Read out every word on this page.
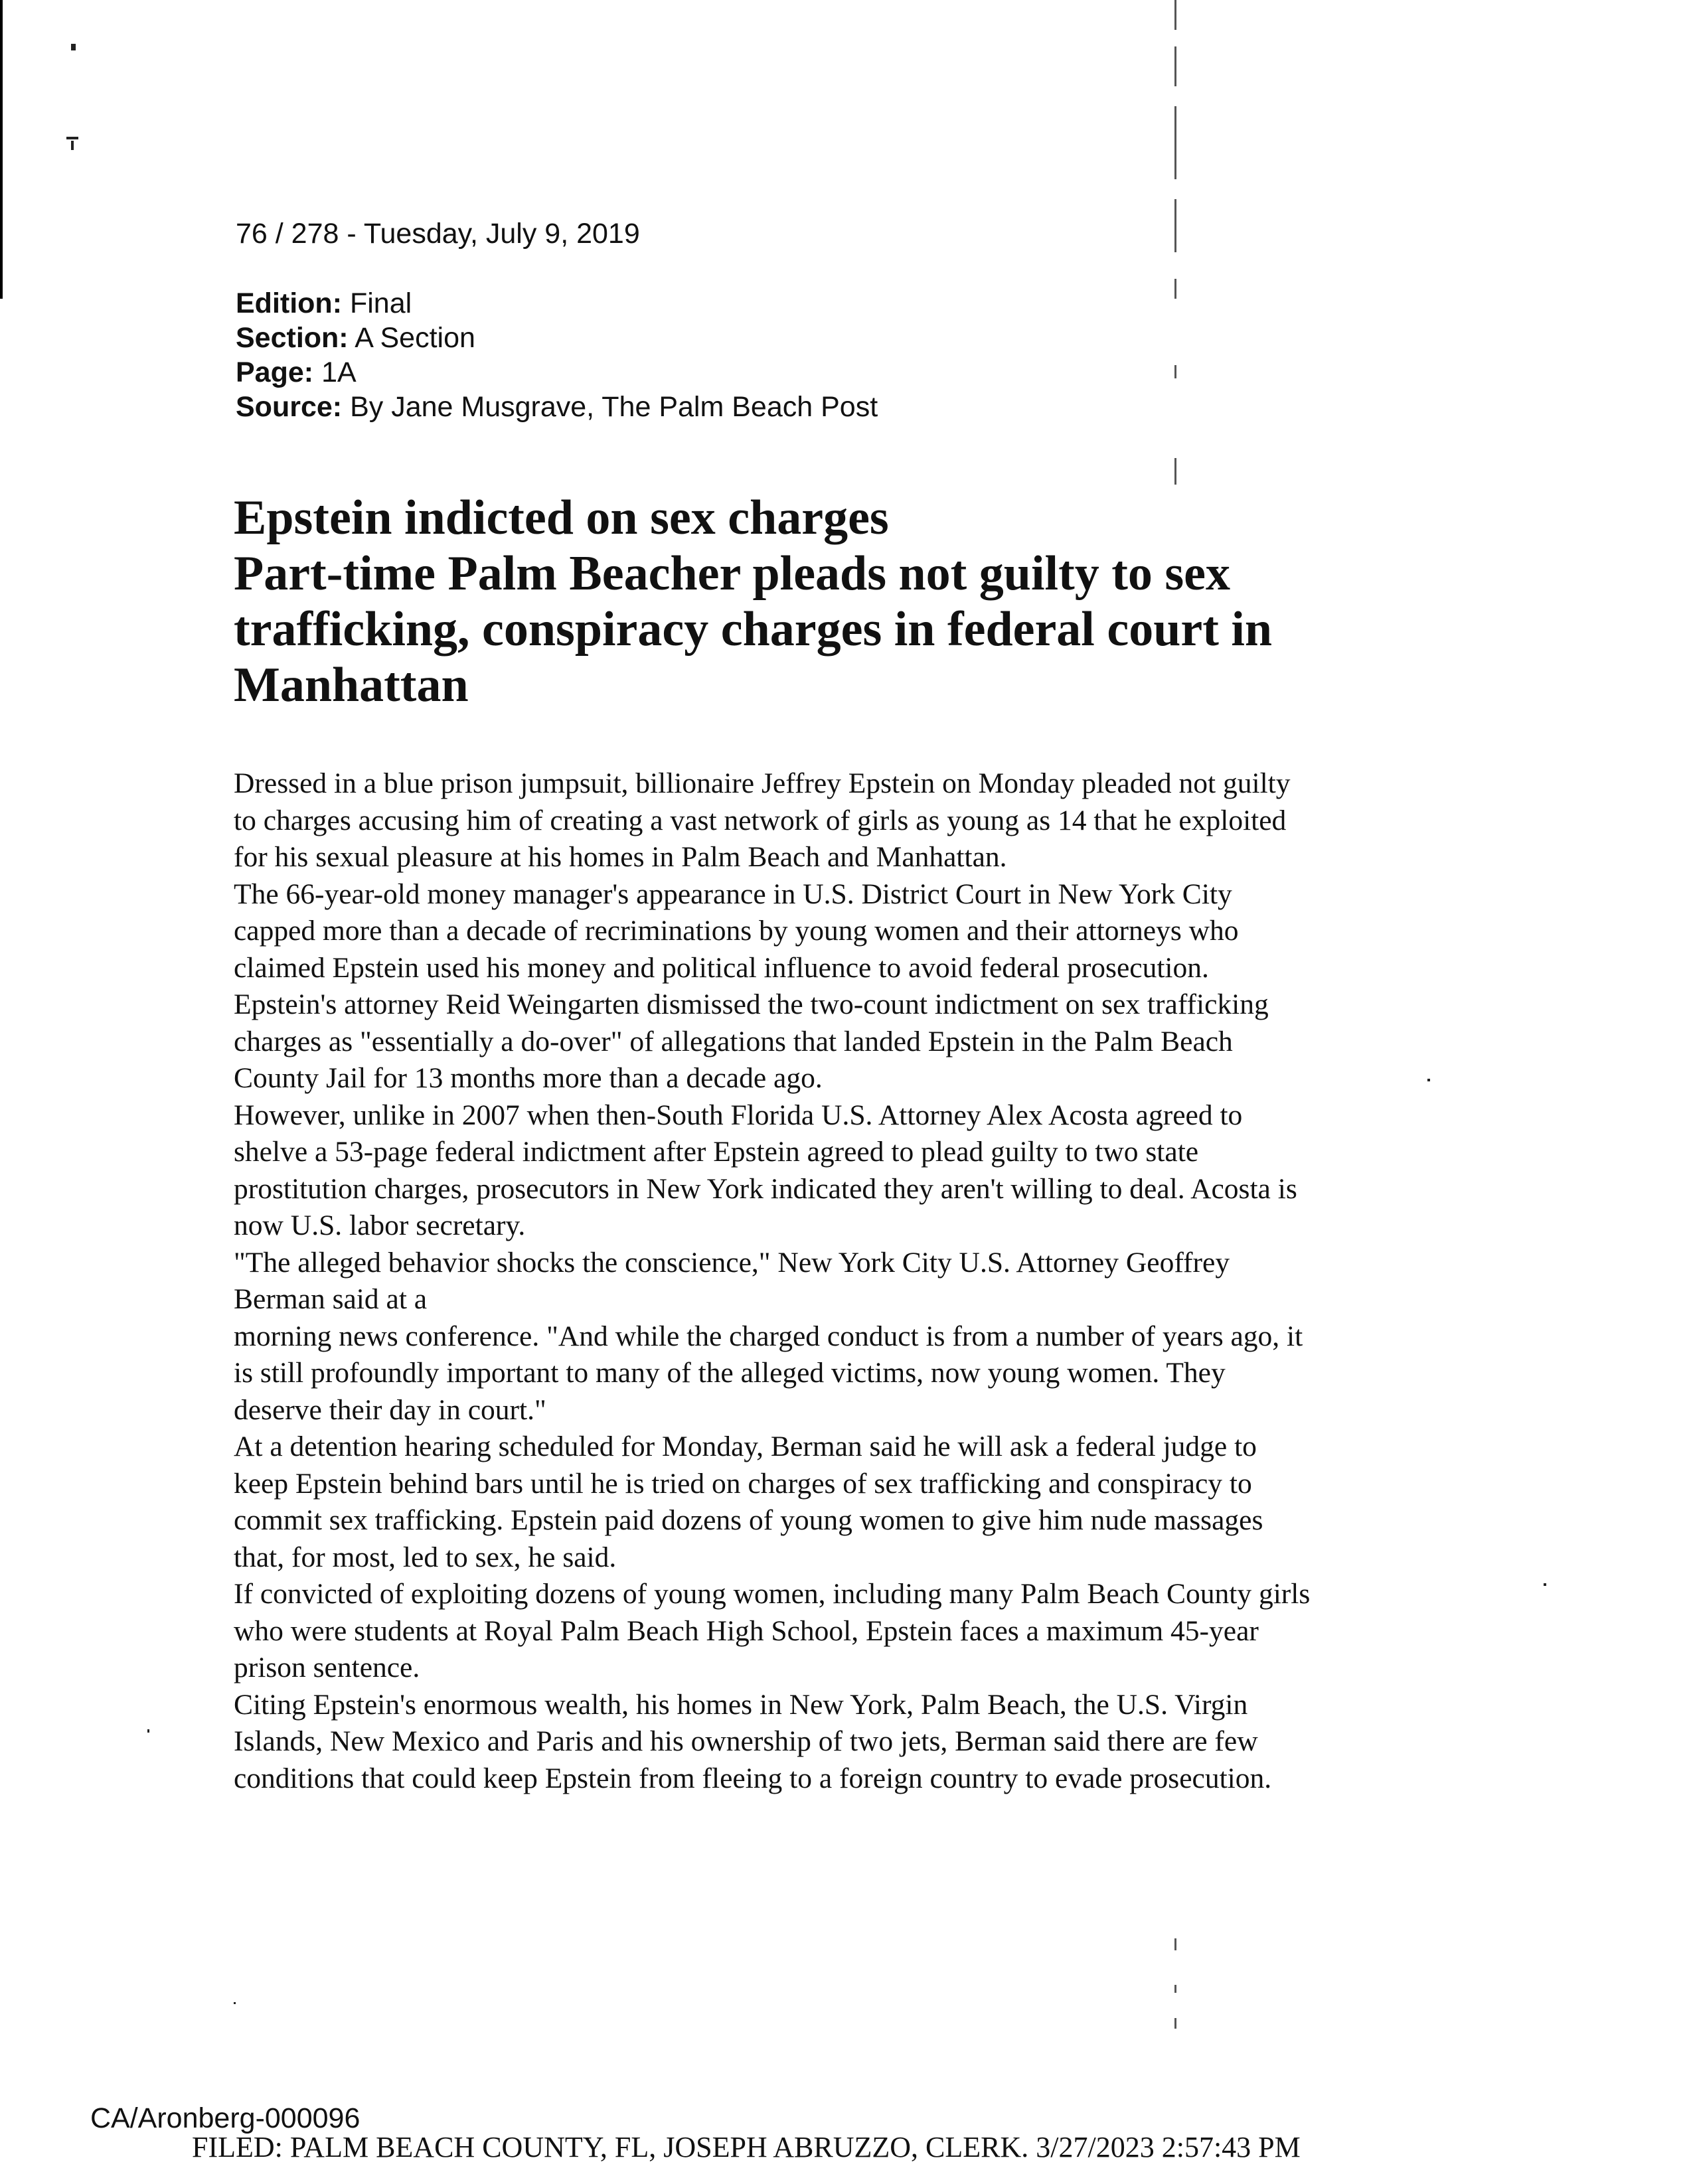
76 / 278 - Tuesday, July 9, 2019
Edition: Final
Section: A Section
Page: 1A
Source: By Jane Musgrave, The Palm Beach Post
Epstein indicted on sex charges
Part-time Palm Beacher pleads not guilty to sex
trafficking, conspiracy charges in federal court in
Manhattan

Dressed in a blue prison jumpsuit, billionaire Jeffrey Epstein on Monday pleaded not guilty

to charges accusing him of creating a vast network of girls as young as 14 that he exploited

for his sexual pleasure at his homes in Palm Beach and Manhattan.

The 66-year-old money manager's appearance in U.S. District Court in New York City

capped more than a decade of recriminations by young women and their attorneys who

claimed Epstein used his money and political influence to avoid federal prosecution.

Epstein's attorney Reid Weingarten dismissed the two-count indictment on sex trafficking

charges as "essentially a do-over" of allegations that landed Epstein in the Palm Beach

County Jail for 13 months more than a decade ago.

However, unlike in 2007 when then-South Florida U.S. Attorney Alex Acosta agreed to

shelve a 53-page federal indictment after Epstein agreed to plead guilty to two state

prostitution charges, prosecutors in New York indicated they aren't willing to deal. Acosta is

now U.S. labor secretary.

"The alleged behavior shocks the conscience," New York City U.S. Attorney Geoffrey

Berman said at a

morning news conference. "And while the charged conduct is from a number of years ago, it

is still profoundly important to many of the alleged victims, now young women. They

deserve their day in court."

At a detention hearing scheduled for Monday, Berman said he will ask a federal judge to

keep Epstein behind bars until he is tried on charges of sex trafficking and conspiracy to

commit sex trafficking. Epstein paid dozens of young women to give him nude massages

that, for most, led to sex, he said.

If convicted of exploiting dozens of young women, including many Palm Beach County girls

who were students at Royal Palm Beach High School, Epstein faces a maximum 45-year

prison sentence.

Citing Epstein's enormous wealth, his homes in New York, Palm Beach, the U.S. Virgin

Islands, New Mexico and Paris and his ownership of two jets, Berman said there are few

conditions that could keep Epstein from fleeing to a foreign country to evade prosecution.

CA/Aronberg-000096
FILED: PALM BEACH COUNTY, FL, JOSEPH ABRUZZO, CLERK. 3/27/2023 2:57:43 PM
